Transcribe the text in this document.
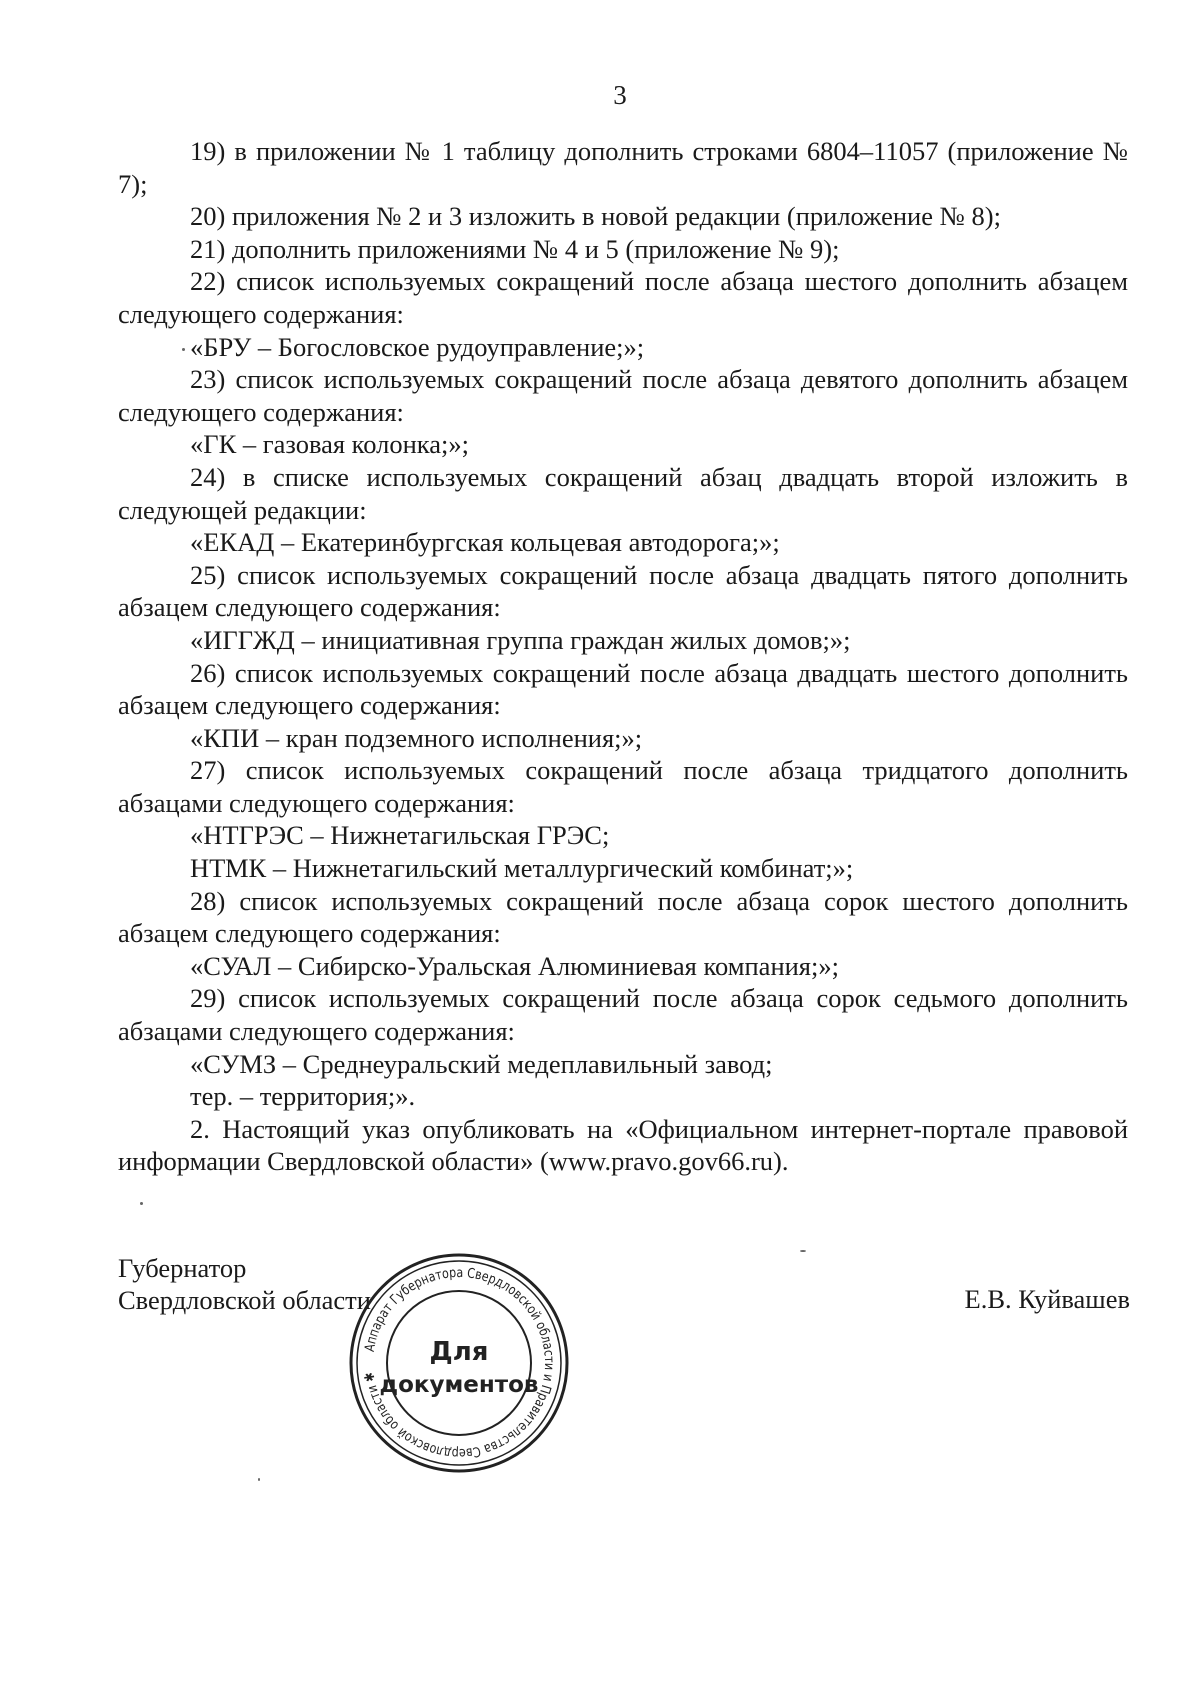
3

19) в приложении № 1 таблицу дополнить строками 6804–11057 (приложение № 7);

20) приложения № 2 и 3 изложить в новой редакции (приложение № 8);

21) дополнить приложениями № 4 и 5 (приложение № 9);

22) список используемых сокращений после абзаца шестого дополнить абзацем следующего содержания:

«БРУ – Богословское рудоуправление;»;

23) список используемых сокращений после абзаца девятого дополнить абзацем следующего содержания:

«ГК – газовая колонка;»;

24) в списке используемых сокращений абзац двадцать второй изложить в следующей редакции:

«ЕКАД – Екатеринбургская кольцевая автодорога;»;

25) список используемых сокращений после абзаца двадцать пятого дополнить абзацем следующего содержания:

«ИГГЖД – инициативная группа граждан жилых домов;»;

26) список используемых сокращений после абзаца двадцать шестого дополнить абзацем следующего содержания:

«КПИ – кран подземного исполнения;»;

27) список используемых сокращений после абзаца тридцатого дополнить абзацами следующего содержания:

«НТГРЭС – Нижнетагильская ГРЭС;

НТМК – Нижнетагильский металлургический комбинат;»;

28) список используемых сокращений после абзаца сорок шестого дополнить абзацем следующего содержания:

«СУАЛ – Сибирско-Уральская Алюминиевая компания;»;

29) список используемых сокращений после абзаца сорок седьмого дополнить абзацами следующего содержания:

«СУМЗ – Среднеуральский медеплавильный завод;

тер. – территория;».

2. Настоящий указ опубликовать на «Официальном интернет-портале правовой информации Свердловской области» (www.pravo.gov66.ru).

Губернатор
Свердловской области	Е.В. Куйвашев
Аппарат Губернатора Свердловской области и Правительства Свердловской области ✱
Для
документов
